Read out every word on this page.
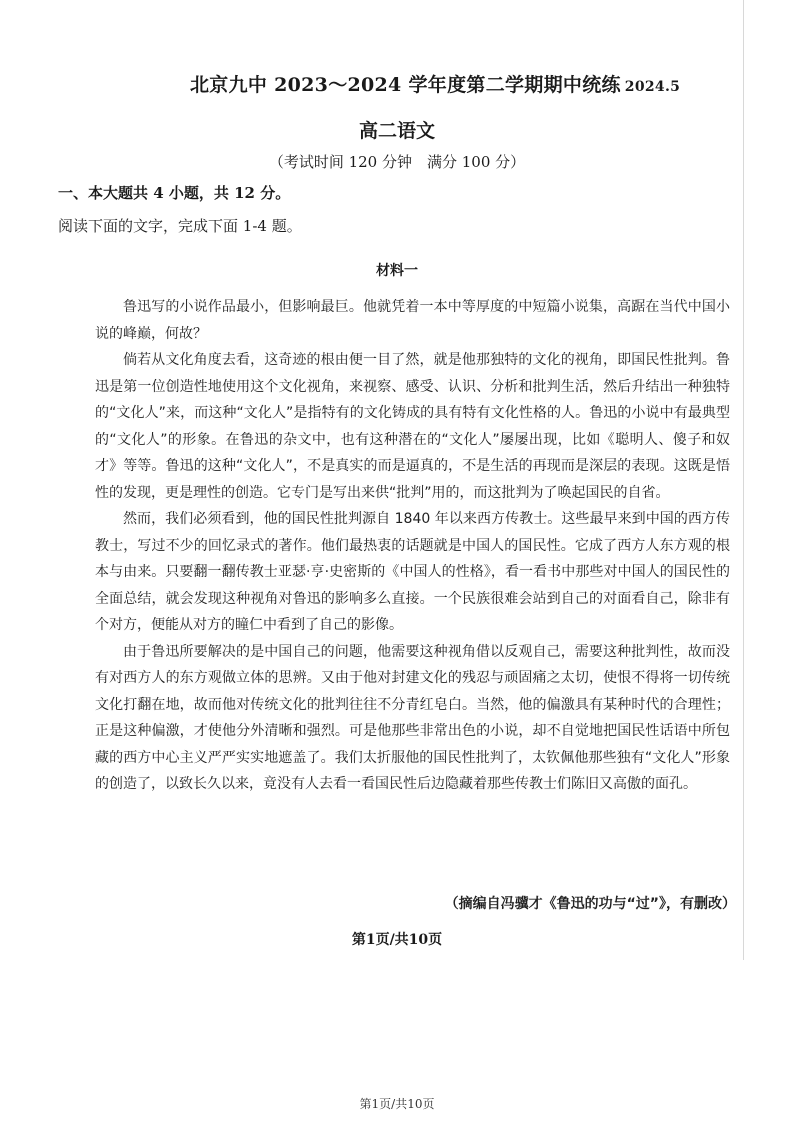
北京九中 2023～2024 学年度第二学期期中统练 2024.5
高二语文
（考试时间 120 分钟　满分 100 分）
一、本大题共 4 小题，共 12 分。
阅读下面的文字，完成下面 1-4 题。
材料一

鲁迅写的小说作品最小，但影响最巨。他就凭着一本中等厚度的中短篇小说集，高踞在当代中国小说的峰巅，何故？

倘若从文化角度去看，这奇迹的根由便一目了然，就是他那独特的文化的视角，即国民性批判。鲁迅是第一位创造性地使用这个文化视角，来视察、感受、认识、分析和批判生活，然后升结出一种独特的“文化人”来，而这种“文化人”是指特有的文化铸成的具有特有文化性格的人。鲁迅的小说中有最典型的“文化人”的形象。在鲁迅的杂文中，也有这种潜在的“文化人”屡屡出现，比如《聪明人、傻子和奴才》等等。鲁迅的这种“文化人”，不是真实的而是逼真的，不是生活的再现而是深层的表现。这既是悟性的发现，更是理性的创造。它专门是写出来供“批判”用的，而这批判为了唤起国民的自省。

然而，我们必须看到，他的国民性批判源自 1840 年以来西方传教士。这些最早来到中国的西方传教士，写过不少的回忆录式的著作。他们最热衷的话题就是中国人的国民性。它成了西方人东方观的根本与由来。只要翻一翻传教士亚瑟·亨·史密斯的《中国人的性格》，看一看书中那些对中国人的国民性的全面总结，就会发现这种视角对鲁迅的影响多么直接。一个民族很难会站到自己的对面看自己，除非有个对方，便能从对方的瞳仁中看到了自己的影像。

由于鲁迅所要解决的是中国自己的问题，他需要这种视角借以反观自己，需要这种批判性，故而没有对西方人的东方观做立体的思辨。又由于他对封建文化的残忍与顽固痛之太切，使恨不得将一切传统文化打翻在地，故而他对传统文化的批判往往不分青红皂白。当然，他的偏激具有某种时代的合理性；正是这种偏激，才使他分外清晰和强烈。可是他那些非常出色的小说，却不自觉地把国民性话语中所包藏的西方中心主义严严实实地遮盖了。我们太折服他的国民性批判了，太钦佩他那些独有“文化人”形象的创造了，以致长久以来，竟没有人去看一看国民性后边隐藏着那些传教士们陈旧又高傲的面孔。

（摘编自冯骥才《鲁迅的功与“过”》，有删改）
第1页/共10页
第1页/共10页
